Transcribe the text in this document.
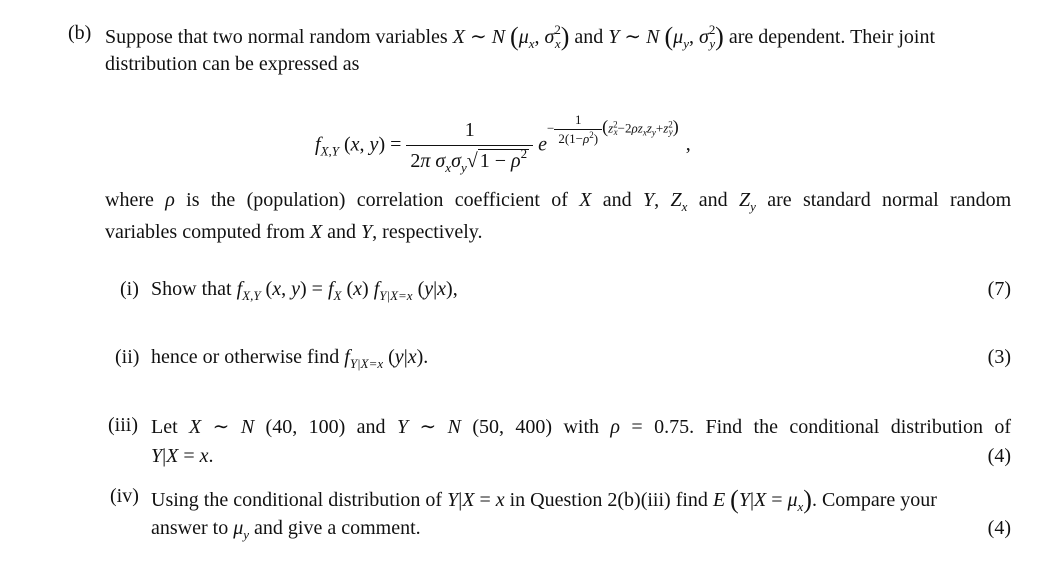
(b) Suppose that two normal random variables X ∼ N ($\mu_x$, $\sigma^2_x$) and Y ∼ N ($\mu_y$, $\sigma^2_y$) are dependent. Their joint
distribution can be expressed as
$f_{X,Y}$ (x, $y) = \frac{1}{2\pi \sigma_x\sigma_y√ 1 - \rho^2} e- \frac{1}{2(1-\rho^2)} (z^2_x-2\rho z_xz_y+z^2_y)$ ,
where ρ is the (population) correlation coefficient of X and Y, $Z_x$ and $Z_y$ are standard normal random
variables computed from X and Y, respectively.
(i) Show that $f_{X,Y}$ (x, $y) = f_X$ (x) $f_{Y|X=x}$ (y|x),	(7)
(ii) hence or otherwise find $f_{Y|X=x}$ (y|x).	(3)
(iii) Let X ∼ N (40, 100) and Y ∼ N (50, 400) with ρ = 0.75. Find the conditional distribution of
Y|X = x.	(4)
(iv) Using the conditional distribution of Y|X = x in Question 2(b)(iii) find E $(Y|X = \mu_x)$. Compare your
answer to $\mu_y$ and give a comment.	(4)
